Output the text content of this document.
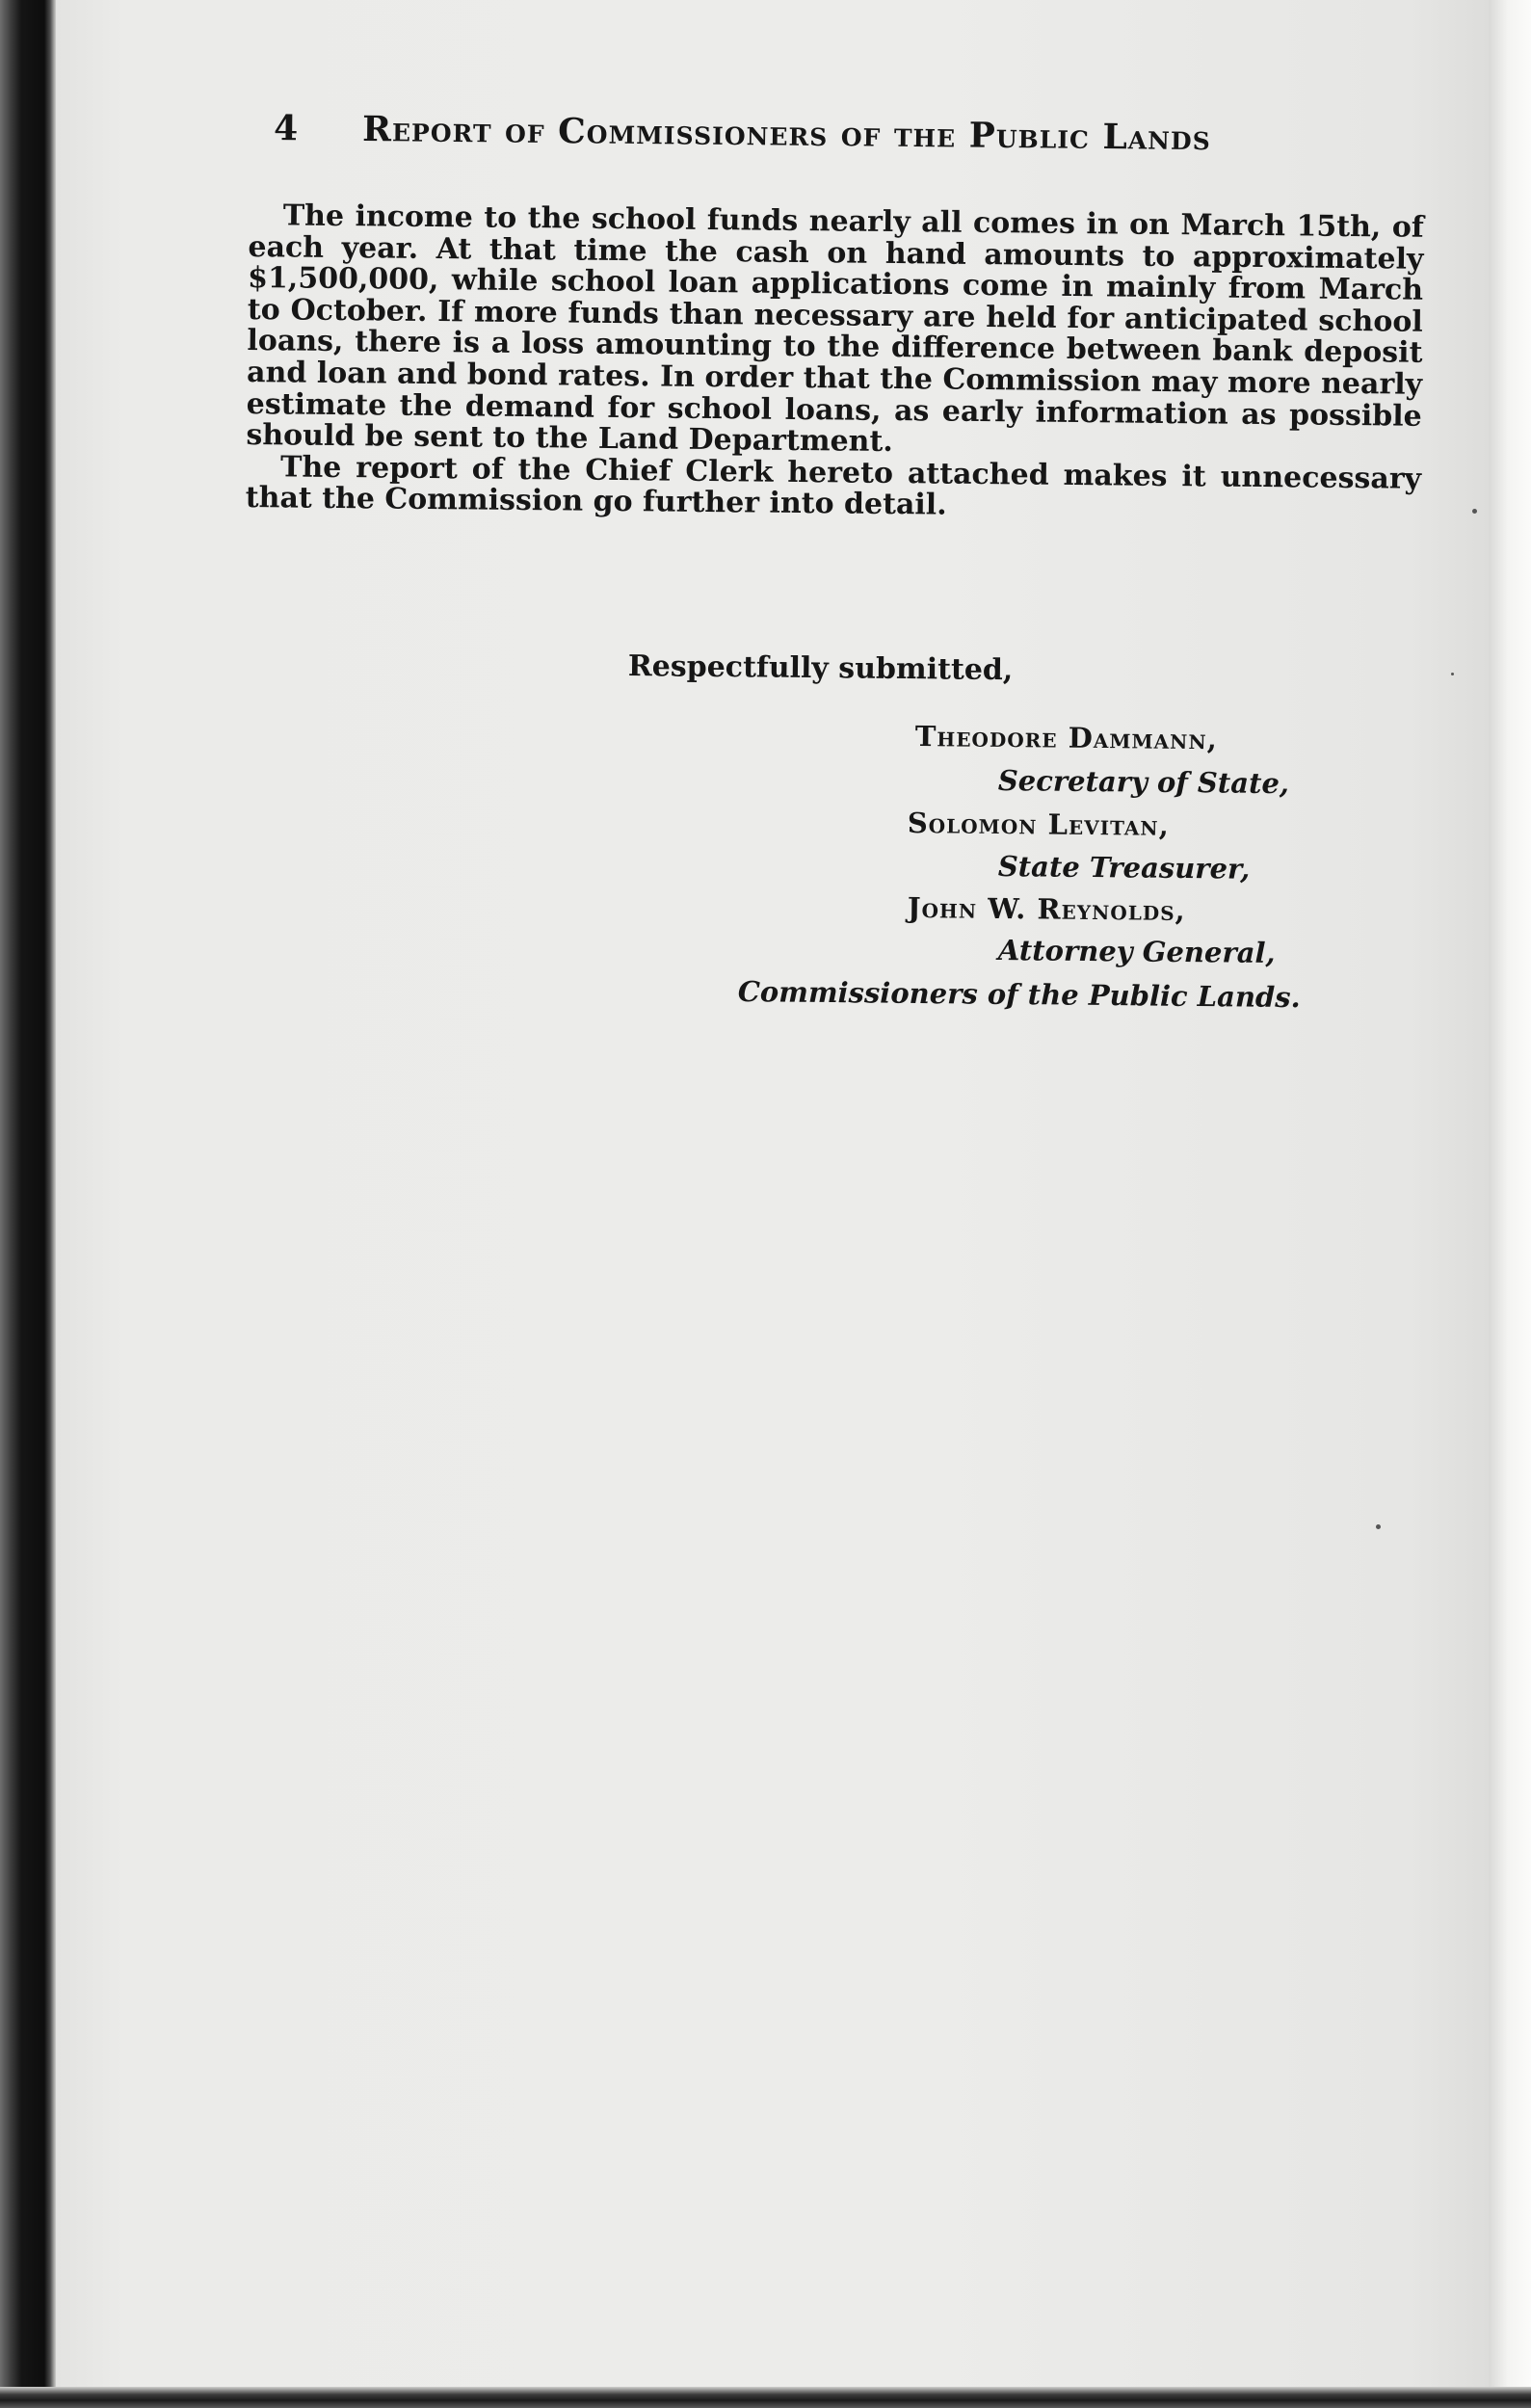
4 Report of Commissioners of the Public Lands

The income to the school funds nearly all comes in on March 15th, of each year. At that time the cash on hand amounts to approximately $1,500,000, while school loan applications come in mainly from March to October. If more funds than necessary are held for anticipated school loans, there is a loss amounting to the difference between bank deposit and loan and bond rates. In order that the Commission may more nearly estimate the demand for school loans, as early information as possible should be sent to the Land Department.

The report of the Chief Clerk hereto attached makes it unnecessary that the Commission go further into detail.

Respectfully submitted,
Theodore Dammann,
Secretary of State,
Solomon Levitan,
State Treasurer,
John W. Reynolds,
Attorney General,
Commissioners of the Public Lands.
